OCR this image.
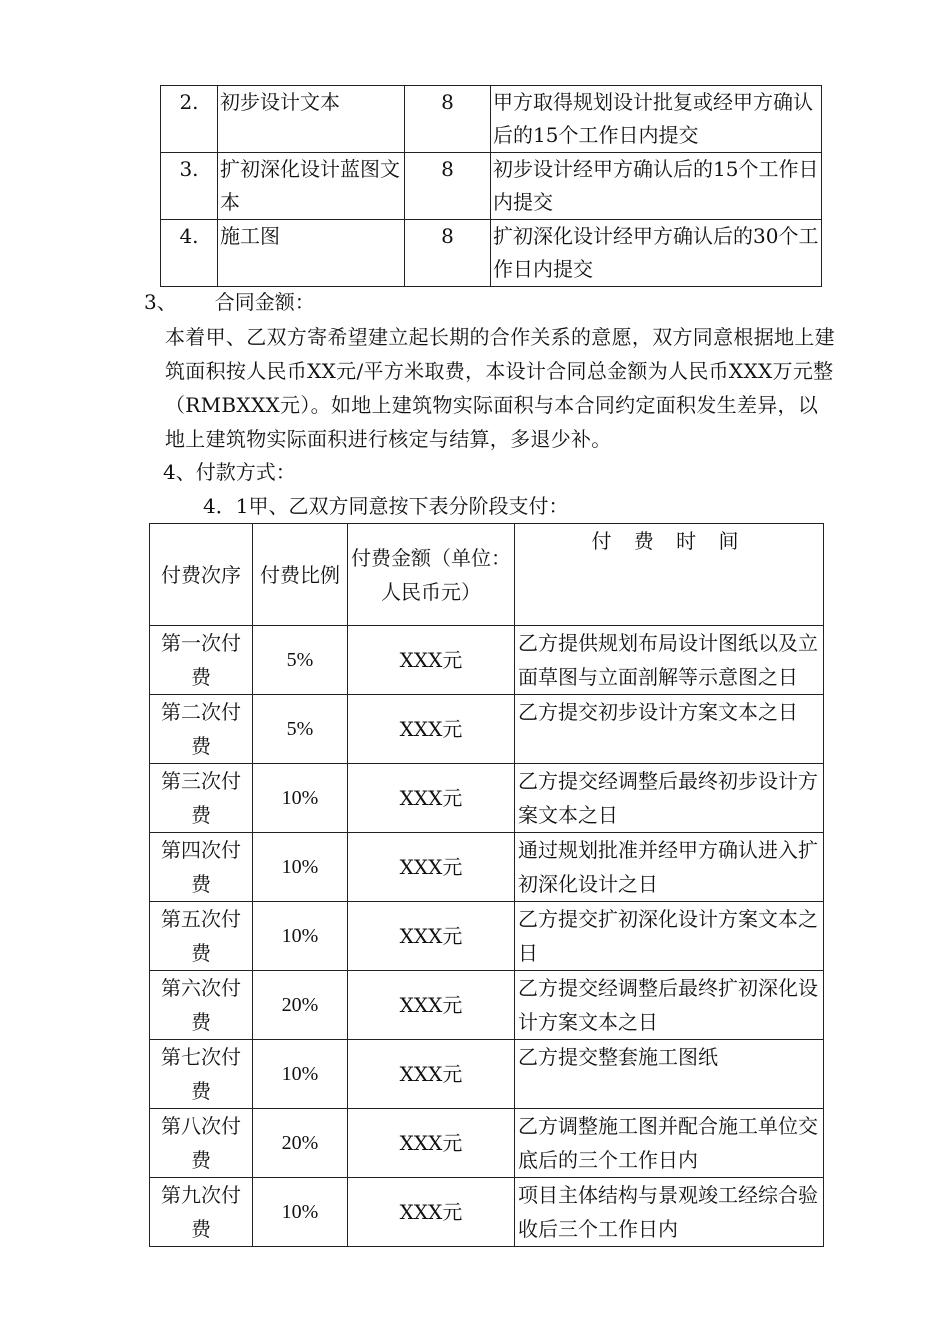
2.	初步设计文本	8	甲方取得规划设计批复或经甲方确认后的15个工作日内提交
3.	扩初深化设计蓝图文本	8	初步设计经甲方确认后的15个工作日内提交
4.	施工图	8	扩初深化设计经甲方确认后的30个工作日内提交
3、 合同金额：
本着甲、乙双方寄希望建立起长期的合作关系的意愿，双方同意根据地上建筑面积按人民币XX元/平方米取费，本设计合同总金额为人民币XXX万元整（RMBXXX元）。如地上建筑物实际面积与本合同约定面积发生差异，以地上建筑物实际面积进行核定与结算，多退少补。
4、付款方式：
4．1甲、乙双方同意按下表分阶段支付：
付费次序	付费比例	付费金额（单位：人民币元）	付 费 时 间
第一次付费	5%	XXX元	乙方提供规划布局设计图纸以及立面草图与立面剖解等示意图之日
第二次付费	5%	XXX元	乙方提交初步设计方案文本之日
第三次付费	10%	XXX元	乙方提交经调整后最终初步设计方案文本之日
第四次付费	10%	XXX元	通过规划批准并经甲方确认进入扩初深化设计之日
第五次付费	10%	XXX元	乙方提交扩初深化设计方案文本之日
第六次付费	20%	XXX元	乙方提交经调整后最终扩初深化设计方案文本之日
第七次付费	10%	XXX元	乙方提交整套施工图纸
第八次付费	20%	XXX元	乙方调整施工图并配合施工单位交底后的三个工作日内
第九次付费	10%	XXX元	项目主体结构与景观竣工经综合验收后三个工作日内
